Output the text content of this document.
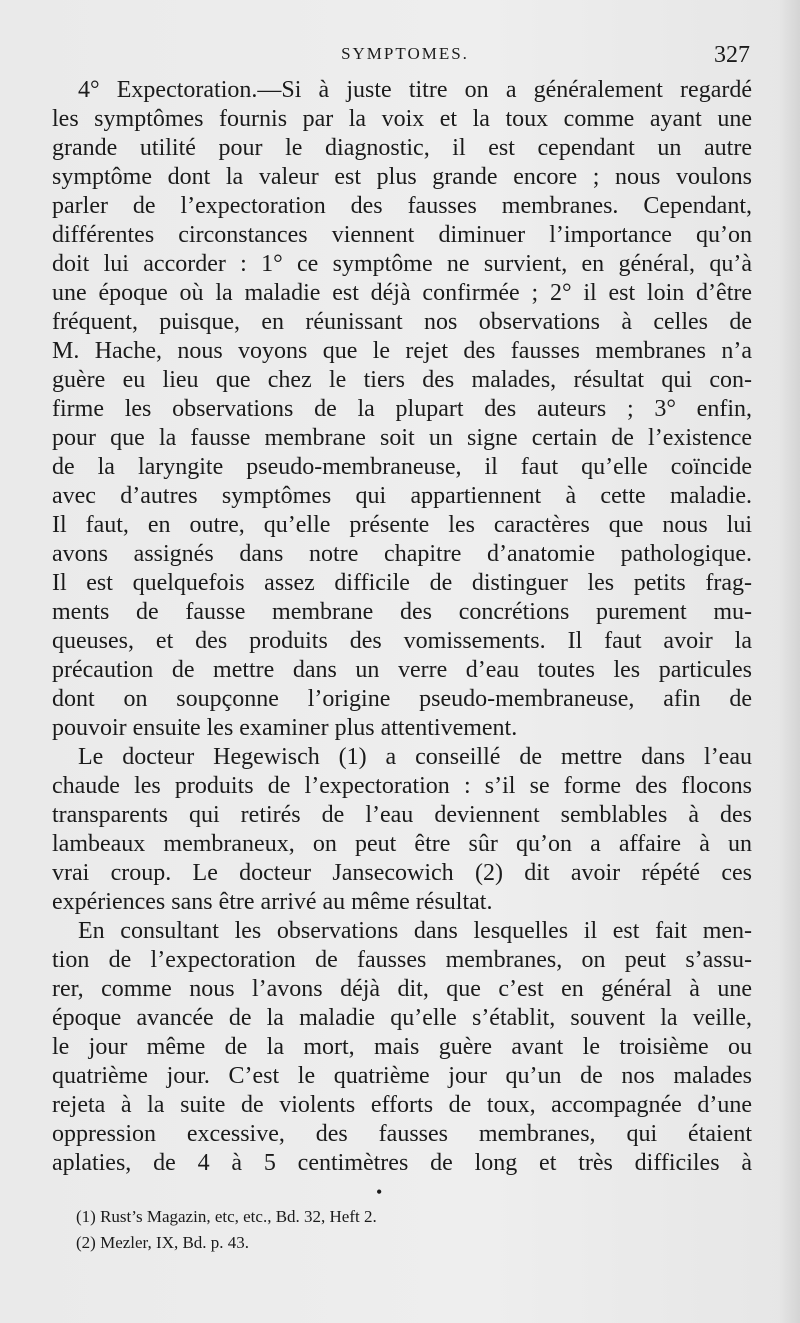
SYMPTOMES.	327
4° Expectoration.—Si à juste titre on a généralement regardé
les symptômes fournis par la voix et la toux comme ayant une
grande utilité pour le diagnostic, il est cependant un autre
symptôme dont la valeur est plus grande encore ; nous voulons
parler de l’expectoration des fausses membranes. Cependant,
différentes circonstances viennent diminuer l’importance qu’on
doit lui accorder : 1° ce symptôme ne survient, en général, qu’à
une époque où la maladie est déjà confirmée ; 2° il est loin d’être
fréquent, puisque, en réunissant nos observations à celles de
M. Hache, nous voyons que le rejet des fausses membranes n’a
guère eu lieu que chez le tiers des malades, résultat qui con-
firme les observations de la plupart des auteurs ; 3° enfin,
pour que la fausse membrane soit un signe certain de l’existence
de la laryngite pseudo-membraneuse, il faut qu’elle coïncide
avec d’autres symptômes qui appartiennent à cette maladie.
Il faut, en outre, qu’elle présente les caractères que nous lui
avons assignés dans notre chapitre d’anatomie pathologique.
Il est quelquefois assez difficile de distinguer les petits frag-
ments de fausse membrane des concrétions purement mu-
queuses, et des produits des vomissements. Il faut avoir la
précaution de mettre dans un verre d’eau toutes les particules
dont on soupçonne l’origine pseudo-membraneuse, afin de
pouvoir ensuite les examiner plus attentivement.
Le docteur Hegewisch (1) a conseillé de mettre dans l’eau
chaude les produits de l’expectoration : s’il se forme des flocons
transparents qui retirés de l’eau deviennent semblables à des
lambeaux membraneux, on peut être sûr qu’on a affaire à un
vrai croup. Le docteur Jansecowich (2) dit avoir répété ces
expériences sans être arrivé au même résultat.
En consultant les observations dans lesquelles il est fait men-
tion de l’expectoration de fausses membranes, on peut s’assu-
rer, comme nous l’avons déjà dit, que c’est en général à une
époque avancée de la maladie qu’elle s’établit, souvent la veille,
le jour même de la mort, mais guère avant le troisième ou
quatrième jour. C’est le quatrième jour qu’un de nos malades
rejeta à la suite de violents efforts de toux, accompagnée d’une
oppression excessive, des fausses membranes, qui étaient
aplaties, de 4 à 5 centimètres de long et très difficiles à
•
(1) Rust’s Magazin, etc, etc., Bd. 32, Heft 2.
(2) Mezler, IX, Bd. p. 43.
